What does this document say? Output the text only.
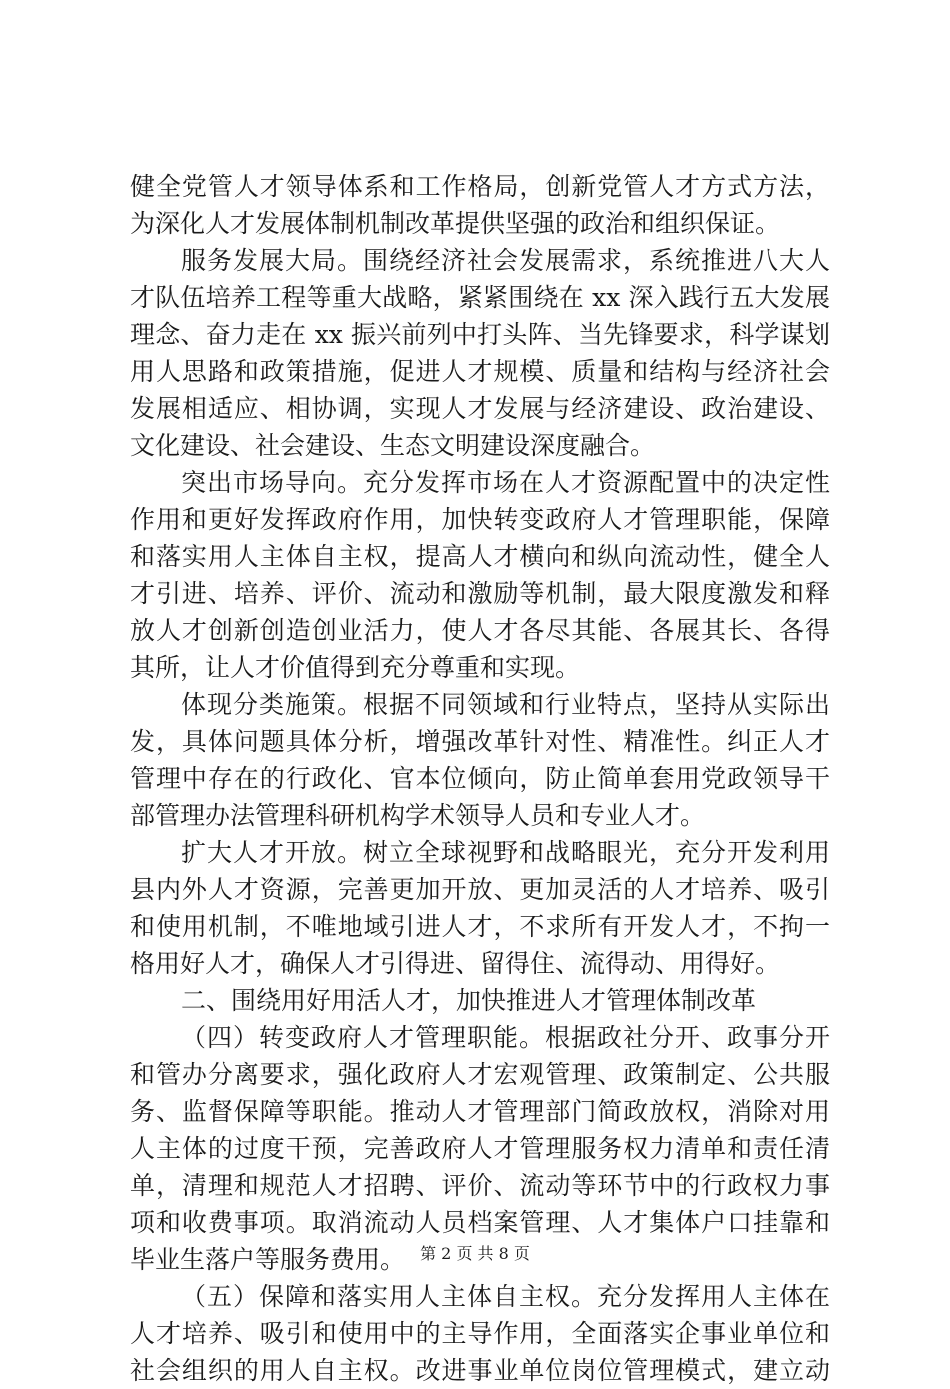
健全党管人才领导体系和工作格局，创新党管人才方式方法，
为深化人才发展体制机制改革提供坚强的政治和组织保证。
服务发展大局。围绕经济社会发展需求，系统推进八大人
才队伍培养工程等重大战略，紧紧围绕在 xx 深入践行五大发展
理念、奋力走在 xx 振兴前列中打头阵、当先锋要求，科学谋划
用人思路和政策措施，促进人才规模、质量和结构与经济社会
发展相适应、相协调，实现人才发展与经济建设、政治建设、
文化建设、社会建设、生态文明建设深度融合。
突出市场导向。充分发挥市场在人才资源配置中的决定性
作用和更好发挥政府作用，加快转变政府人才管理职能，保障
和落实用人主体自主权，提高人才横向和纵向流动性，健全人
才引进、培养、评价、流动和激励等机制，最大限度激发和释
放人才创新创造创业活力，使人才各尽其能、各展其长、各得
其所，让人才价值得到充分尊重和实现。
体现分类施策。根据不同领域和行业特点，坚持从实际出
发，具体问题具体分析，增强改革针对性、精准性。纠正人才
管理中存在的行政化、官本位倾向，防止简单套用党政领导干
部管理办法管理科研机构学术领导人员和专业人才。
扩大人才开放。树立全球视野和战略眼光，充分开发利用
县内外人才资源，完善更加开放、更加灵活的人才培养、吸引
和使用机制，不唯地域引进人才，不求所有开发人才，不拘一
格用好人才，确保人才引得进、留得住、流得动、用得好。
二、围绕用好用活人才，加快推进人才管理体制改革
（四）转变政府人才管理职能。根据政社分开、政事分开
和管办分离要求，强化政府人才宏观管理、政策制定、公共服
务、监督保障等职能。推动人才管理部门简政放权，消除对用
人主体的过度干预，完善政府人才管理服务权力清单和责任清
单，清理和规范人才招聘、评价、流动等环节中的行政权力事
项和收费事项。取消流动人员档案管理、人才集体户口挂靠和
毕业生落户等服务费用。
（五）保障和落实用人主体自主权。充分发挥用人主体在
人才培养、吸引和使用中的主导作用，全面落实企事业单位和
社会组织的用人自主权。改进事业单位岗位管理模式，建立动
第 2 页 共 8 页
